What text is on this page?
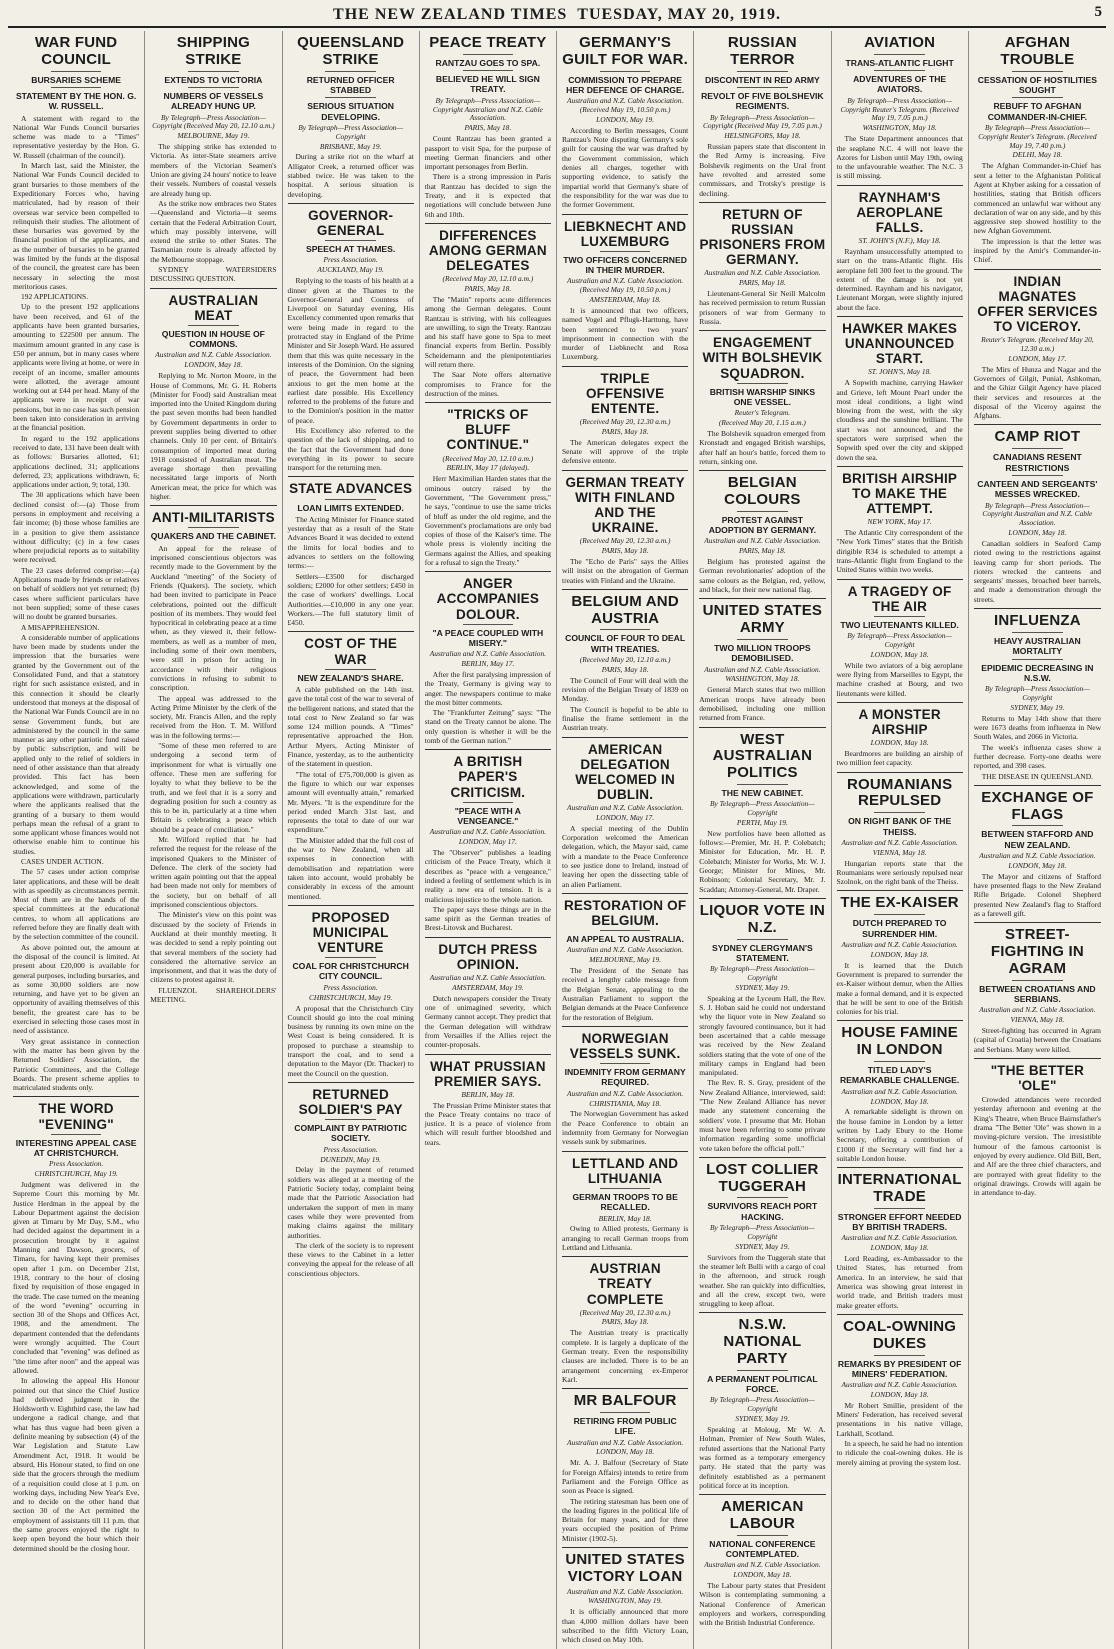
THE NEW ZEALAND TIMES TUESDAY, MAY 20, 1919.	5
WAR FUND COUNCIL
BURSARIES SCHEME
STATEMENT BY THE HON. G. W. RUSSELL.

A statement with regard to the National War Funds Council bursaries scheme was made to a "Times" representative yesterday by the Hon. G. W. Russell (chairman of the council).

In March last, said the Minister, the National War Funds Council decided to grant bursaries to those members of the Expeditionary Forces who, having matriculated, had by reason of their overseas war service been compelled to relinquish their studies. The allotment of these bursaries was governed by the financial position of the applicants, and as the number of bursaries to be granted was limited by the funds at the disposal of the council, the greatest care has been necessary in selecting the most meritorious cases.

192 APPLICATIONS.

Up to the present 192 applications have been received, and 61 of the applicants have been granted bursaries, amounting to £22500 per annum. The maximum amount granted in any case is £50 per annum, but in many cases where applicants were living at home, or were in receipt of an income, smaller amounts were allotted, the average amount working out at £44 per head. Many of the applicants were in receipt of war pensions, but in no case has such pension been taken into consideration in arriving at the financial position.

In regard to the 192 applications received to date, 131 have been dealt with as follows: Bursaries allotted, 61; applications declined, 31; applications deferred, 23; applications withdrawn, 6; applications under action, 9; total, 130.

The 30 applications which have been declined consist of:—(a) Those from persons in employment and receiving a fair income; (b) those whose families are in a position to give them assistance without difficulty; (c) in a few cases where prejudicial reports as to suitability were received.

The 23 cases deferred comprise:—(a) Applications made by friends or relatives on behalf of soldiers not yet returned; (b) cases where sufficient particulars have not been supplied; some of these cases will no doubt be granted bursaries.

A MISAPPREHENSION.

A considerable number of applications have been made by students under the impression that the bursaries were granted by the Government out of the Consolidated Fund, and that a statutory right for such assistance existed, and in this connection it should be clearly understood that moneys at the disposal of the National War Funds Council are in no sense Government funds, but are administered by the council in the same manner as any other patriotic fund raised by public subscription, and will be applied only to the relief of soldiers in need of other assistance than that already provided. This fact has been acknowledged, and some of the applications were withdrawn, particularly where the applicants realised that the granting of a bursary to them would perhaps mean the refusal of a grant to some applicant whose finances would not otherwise enable him to continue his studies.

CASES UNDER ACTION.

The 57 cases under action comprise later applications, and these will be dealt with as speedily as circumstances permit. Most of them are in the hands of the special committees at the educational centres, to whom all applications are referred before they are finally dealt with by the selection committee of the council.

As above pointed out, the amount at the disposal of the council is limited. At present about £20,000 is available for general purposes, including bursaries, and as some 30,000 soldiers are now returning, and have yet to be given an opportunity of availing themselves of this benefit, the greatest care has to be exercised in selecting those cases most in need of assistance.

Very great assistance in connection with the matter has been given by the Returned Soldiers' Association, the Patriotic Committees, and the College Boards. The present scheme applies to matriculated students only.

THE WORD "EVENING"
INTERESTING APPEAL CASE AT CHRISTCHURCH.
Press Association.
CHRISTCHURCH, May 19.

Judgment was delivered in the Supreme Court this morning by Mr. Justice Herdman in the appeal by the Labour Department against the decision given at Timaru by Mr Day, S.M., who had decided against the department in a prosecution brought by it against Manning and Dawson, grocers, of Timaru, for having kept their premises open after 1 p.m. on December 21st, 1918, contrary to the hour of closing fixed by requisition of those engaged in the trade. The case turned on the meaning of the word "evening" occurring in section 30 of the Shops and Offices Act, 1908, and the amendment. The department contended that the defendants were wrongly acquitted. The Court concluded that "evening" was defined as "the time after noon" and the appeal was allowed.

In allowing the appeal His Honour pointed out that since the Chief Justice had delivered judgment in the Holdsworth v. Eighthird case, the law had undergone a radical change, and that what has thus vague had been given a definite meaning by subsection (4) of the War Legislation and Statute Law Amendment Act, 1918. It would be absurd, His Honour stated, to find on one side that the grocers through the medium of a requisition could close at 1 p.m. on working days, including New Year's Eve, and to decide on the other hand that section 30 of the Act permitted the employment of assistants till 11 p.m. that the same grocers enjoyed the right to keep open beyond the hour which their determined should be the closing hour.

SHIPPING STRIKE
EXTENDS TO VICTORIA
NUMBERS OF VESSELS ALREADY HUNG UP.
By Telegraph—Press Association—Copyright (Received May 20, 12.10 a.m.)
MELBOURNE, May 19.

The shipping strike has extended to Victoria. As inter-State steamers arrive members of the Victorian Seamen's Union are giving 24 hours' notice to leave their vessels. Numbers of coastal vessels are already hung up.

As the strike now embraces two States—Queensland and Victoria—it seems certain that the Federal Arbitration Court, which may possibly intervene, will extend the strike to other States. The Tasmanian route is already affected by the Melbourne stoppage.

SYDNEY WATERSIDERS DISCUSSING QUESTION.

AUSTRALIAN MEAT
QUESTION IN HOUSE OF COMMONS.
Australian and N.Z. Cable Association.
LONDON, May 18.

Replying to Mr. Norton Moore, in the House of Commons, Mr. G. H. Roberts (Minister for Food) said Australian meat imported into the United Kingdom during the past seven months had been handled by Government departments in order to prevent supplies being diverted to other channels. Only 10 per cent. of Britain's consumption of imported meat during 1918 consisted of Australian meat. The average shortage then prevailing necessitated large imports of North American meat, the price for which was higher.

ANTI-MILITARISTS
QUAKERS AND THE CABINET.

An appeal for the release of imprisoned conscientious objectors was recently made to the Government by the Auckland "meeting" of the Society of Friends (Quakers). The society, which had been invited to participate in Peace celebrations, pointed out the difficult position of its members. They would feel hypocritical in celebrating peace at a time when, as they viewed it, their fellow-members, as well as a number of men, including some of their own members, were still in prison for acting in accordance with their religious convictions in refusing to submit to conscription.

The appeal was addressed to the Acting Prime Minister by the clerk of the society, Mr. Francis Allen, and the reply received from the Hon. T. M. Wilford was in the following terms:—

"Some of these men referred to are undergoing a second term of imprisonment for what is virtually one offence. These men are suffering for loyalty to what they believe to be the truth, and we feel that it is a sorry and degrading position for such a country as this to be in, particularly at a time when Britain is celebrating a peace which should be a peace of conciliation."

Mr. Wilford replied that he had referred the request for the release of the imprisoned Quakers to the Minister of Defence. The clerk of the society had written again pointing out that the appeal had been made not only for members of the society, but on behalf of all imprisoned conscientious objectors.

The Minister's view on this point was discussed by the society of Friends in Auckland at their monthly meeting. It was decided to send a reply pointing out that several members of the society had considered the alternative service an imprisonment, and that it was the duty of citizens to protest against it.

FLUENZOL SHAREHOLDERS' MEETING.

QUEENSLAND STRIKE
RETURNED OFFICER STABBED
SERIOUS SITUATION DEVELOPING.
By Telegraph—Press Association—Copyright
BRISBANE, May 19.

During a strike riot on the wharf at Alligator Creek, a returned officer was stabbed twice. He was taken to the hospital. A serious situation is developing.

GOVERNOR-GENERAL
SPEECH AT THAMES.
Press Association.
AUCKLAND, May 19.

Replying to the toasts of his health at a dinner given at the Thames to the Governor-General and Countess of Liverpool on Saturday evening, His Excellency commented upon remarks that were being made in regard to the protracted stay in England of the Prime Minister and Sir Joseph Ward. He assured them that this was quite necessary in the interests of the Dominion. On the signing of peace, the Government had been anxious to get the men home at the earliest date possible. His Excellency referred to the problems of the future and to the Dominion's position in the matter of peace.

His Excellency also referred to the question of the lack of shipping, and to the fact that the Government had done everything in its power to secure transport for the returning men.

STATE ADVANCES
LOAN LIMITS EXTENDED.

The Acting Minister for Finance stated yesterday that as a result of the State Advances Board it was decided to extend the limits for local bodies and to advances to settlers on the following terms:—

Settlers—£3500 for discharged soldiers; £2000 for other settlers; £450 in the case of workers' dwellings. Local Authorities.—£10,000 in any one year. Workers.—The full statutory limit of £450.

COST OF THE WAR
NEW ZEALAND'S SHARE.

A cable published on the 14th inst. gave the total cost of the war to several of the belligerent nations, and stated that the total cost to New Zealand so far was some 124 million pounds. A "Times" representative approached the Hon. Arthur Myers, Acting Minister of Finance, yesterday, as to the authenticity of the statement in question.

"The total of £75,700,000 is given as the figure to which our war expenses amount will eventually attain," remarked Mr. Myers. "It is the expenditure for the period ended March 31st last, and represents the total to date of our war expenditure."

The Minister added that the full cost of the war to New Zealand, when all expenses in connection with demobilisation and repatriation were taken into account, would probably be considerably in excess of the amount mentioned.

PROPOSED MUNICIPAL VENTURE
COAL FOR CHRISTCHURCH CITY COUNCIL.
Press Association.
CHRISTCHURCH, May 19.

A proposal that the Christchurch City Council should go into the coal mining business by running its own mine on the West Coast is being considered. It is proposed to purchase a steamship to transport the coal, and to send a deputation to the Mayor (Dr. Thacker) to meet the Council on the question.

RETURNED SOLDIER'S PAY
COMPLAINT BY PATRIOTIC SOCIETY.
Press Association.
DUNEDIN, May 19.

Delay in the payment of returned soldiers was alleged at a meeting of the Patriotic Society today, complaint being made that the Patriotic Association had undertaken the support of men in many cases while they were prevented from making claims against the military authorities.

The clerk of the society is to represent these views to the Cabinet in a letter conveying the appeal for the release of all conscientious objectors.

PEACE TREATY
RANTZAU GOES TO SPA.
BELIEVED HE WILL SIGN TREATY.
By Telegraph—Press Association—Copyright Australian and N.Z. Cable Association.
PARIS, May 18.

Count Rantzau has been granted a passport to visit Spa, for the purpose of meeting German financiers and other important personages from Berlin.

There is a strong impression in Paris that Rantzau has decided to sign the Treaty, and it is expected that negotiations will conclude between June 6th and 10th.

DIFFERENCES AMONG GERMAN DELEGATES
(Received May 20, 12.10 a.m.)
PARIS, May 18.

The "Matin" reports acute differences among the German delegates. Count Rantzau is striving, with his colleagues are unwilling, to sign the Treaty. Rantzau and his staff have gone to Spa to meet financial experts from Berlin. Possibly Scheidemann and the plenipotentiaries will return there.

The Saar Note offers alternative compromises to France for the destruction of the mines.

"TRICKS OF BLUFF CONTINUE."
(Received May 20, 12.10 a.m.)
BERLIN, May 17 (delayed).

Herr Maximilian Harden states that the ominous outcry raised by the Government, "The Government press," he says, "continue to use the same tricks of bluff as under the old regime, and the Government's proclamations are only bad copies of those of the Kaiser's time. The whole press is violently inciting the Germans against the Allies, and speaking for a refusal to sign the Treaty."

ANGER ACCOMPANIES DOLOUR.
"A PEACE COUPLED WITH MISERY."
Australian and N.Z. Cable Association.
BERLIN, May 17.

After the first paralysing impression of the Treaty, Germany is giving way to anger. The newspapers continue to make the most bitter comments.

The "Frankfurter Zeitung" says: "The stand on the Treaty cannot be alone. The only question is whether it will be the tomb of the German nation."

A BRITISH PAPER'S CRITICISM.
"PEACE WITH A VENGEANCE."
Australian and N.Z. Cable Association.
LONDON, May 17.

The "Observer" publishes a leading criticism of the Peace Treaty, which it describes as "peace with a vengeance," indeed a feeling of settlement which is in reality a new era of tension. It is a malicious injustice to the whole nation.

The paper says these things are in the same spirit as the German treaties of Brest-Litovsk and Bucharest.

DUTCH PRESS OPINION.
Australian and N.Z. Cable Association.
AMSTERDAM, May 19.

Dutch newspapers consider the Treaty one of unimagined severity, which Germany cannot accept. They predict that the German delegation will withdraw from Versailles if the Allies reject the counter-proposals.

WHAT PRUSSIAN PREMIER SAYS.
BERLIN, May 18.

The Prussian Prime Minister states that the Peace Treaty contains no trace of justice. It is a peace of violence from which will result further bloodshed and tears.

GERMANY'S GUILT FOR WAR.
COMMISSION TO PREPARE HER DEFENCE OF CHARGE.
Australian and N.Z. Cable Association. (Received May 19, 10.50 p.m.)
LONDON, May 19.

According to Berlin messages, Count Rantzau's Note disputing Germany's sole guilt for causing the war was drafted by the Government commission, which denies all charges, together with supporting evidence, to satisfy the impartial world that Germany's share of the responsibility for the war was due to the former Government.

LIEBKNECHT AND LUXEMBURG
TWO OFFICERS CONCERNED IN THEIR MURDER.
Australian and N.Z. Cable Association. (Received May 19, 10.50 p.m.)
AMSTERDAM, May 18.

It is announced that two officers, named Vogel and Pflugk-Harttung, have been sentenced to two years' imprisonment in connection with the murder of Liebknecht and Rosa Luxemburg.

TRIPLE OFFENSIVE ENTENTE.
(Received May 20, 12.30 a.m.)
PARIS, May 18.

The American delegates expect the Senate will approve of the triple defensive entente.

GERMAN TREATY WITH FINLAND AND THE UKRAINE.
(Received May 20, 12.30 a.m.)
PARIS, May 18.

The "Echo de Paris" says the Allies will insist on the abrogation of German treaties with Finland and the Ukraine.

BELGIUM AND AUSTRIA
COUNCIL OF FOUR TO DEAL WITH TREATIES.
(Received May 20, 12.10 a.m.)
PARIS, May 18.

The Council of Four will deal with the revision of the Belgian Treaty of 1839 on Monday.

The Council is hopeful to be able to finalise the frame settlement in the Austrian treaty.

AMERICAN DELEGATION WELCOMED IN DUBLIN.
Australian and N.Z. Cable Association.
LONDON, May 17.

A special meeting of the Dublin Corporation welcomed the American delegation, which, the Mayor said, came with a mandate to the Peace Conference to see justice done to Ireland, instead of leaving her open the dissecting table of an alien Parliament.

RESTORATION OF BELGIUM.
AN APPEAL TO AUSTRALIA.
Australian and N.Z. Cable Association.
MELBOURNE, May 19.

The President of the Senate has received a lengthy cable message from the Belgian Senate, appealing to the Australian Parliament to support the Belgian demands at the Peace Conference for the restoration of Belgium.

NORWEGIAN VESSELS SUNK.
INDEMNITY FROM GERMANY REQUIRED.
Australian and N.Z. Cable Association.
CHRISTIANIA, May 18.

The Norwegian Government has asked the Peace Conference to obtain an indemnity from Germany for Norwegian vessels sunk by submarines.

LETTLAND AND LITHUANIA
GERMAN TROOPS TO BE RECALLED.
BERLIN, May 18.

Owing to Allied protests, Germany is arranging to recall German troops from Lettland and Lithuania.

AUSTRIAN TREATY COMPLETE
(Received May 20, 12.30 a.m.)
PARIS, May 18.

The Austrian treaty is practically complete. It is largely a duplicate of the German treaty. Even the responsibility clauses are included. There is to be an arrangement concerning ex-Emperor Karl.

MR BALFOUR
RETIRING FROM PUBLIC LIFE.
Australian and N.Z. Cable Association.
LONDON, May 18.

Mr. A. J. Balfour (Secretary of State for Foreign Affairs) intends to retire from Parliament and the Foreign Office as soon as Peace is signed.

The retiring statesman has been one of the leading figures in the political life of Britain for many years, and for three years occupied the position of Prime Minister (1902-5).

UNITED STATES VICTORY LOAN
Australian and N.Z. Cable Association.
WASHINGTON, May 19.

It is officially announced that more than 4,000 million dollars have been subscribed to the fifth Victory Loan, which closed on May 10th.

RUSSIAN TERROR
DISCONTENT IN RED ARMY
REVOLT OF FIVE BOLSHEVIK REGIMENTS.
By Telegraph—Press Association—Copyright (Received May 19, 7.05 p.m.)
HELSINGFORS, May 18.

Russian papers state that discontent in the Red Army is increasing. Five Bolshevik regiments on the Ural front have revolted and arrested some commissars, and Trotsky's prestige is declining.

RETURN OF RUSSIAN PRISONERS FROM GERMANY.
Australian and N.Z. Cable Association.
PARIS, May 18.

Lieutenant-General Sir Neill Malcolm has received permission to return Russian prisoners of war from Germany to Russia.

ENGAGEMENT WITH BOLSHEVIK SQUADRON.
BRITISH WARSHIP SINKS ONE VESSEL.
Reuter's Telegram.
(Received May 20, 1.15 a.m.)

The Bolshevik squadron emerged from Kronstadt and engaged British warships, after half an hour's battle, forced them to return, sinking one.

BELGIAN COLOURS
PROTEST AGAINST ADOPTION BY GERMANY.
Australian and N.Z. Cable Association.
PARIS, May 18.

Belgium has protested against the German revolutionaries' adoption of the same colours as the Belgian, red, yellow, and black, for their new national flag.

UNITED STATES ARMY
TWO MILLION TROOPS DEMOBILISED.
Australian and N.Z. Cable Association.
WASHINGTON, May 18.

General March states that two million American troops have already been demobilised, including one million returned from France.

WEST AUSTRALIAN POLITICS
THE NEW CABINET.
By Telegraph—Press Association—Copyright
PERTH, May 19.

New portfolios have been allotted as follows:—Premier, Mr. H. P. Colebatch; Minister for Education, Mr. H. P. Colebatch; Minister for Works, Mr. W. J. George; Minister for Mines, Mr. Robinson; Colonial Secretary, Mr. J. Scaddan; Attorney-General, Mr. Draper.

LIQUOR VOTE IN N.Z.
SYDNEY CLERGYMAN'S STATEMENT.
By Telegraph—Press Association—Copyright
SYDNEY, May 19.

Speaking at the Lyceum Hall, the Rev. S. J. Hoban said he could not understand why the liquor vote in New Zealand so strongly favoured continuance, but it had been ascertained that a cable message was received by the New Zealand soldiers stating that the vote of one of the military camps in England had been manipulated.

The Rev. R. S. Gray, president of the New Zealand Alliance, interviewed, said: "The New Zealand Alliance has never made any statement concerning the soldiers' vote. I presume that Mr. Hoban must have been referring to some private information regarding some unofficial vote taken before the official poll."

LOST COLLIER TUGGERAH
SURVIVORS REACH PORT HACKING.
By Telegraph—Press Association—Copyright
SYDNEY, May 19.

Survivors from the Tuggerah state that the steamer left Bulli with a cargo of coal in the afternoon, and struck rough weather. She ran quickly into difficulties, and all the crew, except two, were struggling to keep afloat.

N.S.W. NATIONAL PARTY
A PERMANENT POLITICAL FORCE.
By Telegraph—Press Association—Copyright
SYDNEY, May 19.

Speaking at Moloug, Mr W. A. Holman, Premier of New South Wales, refuted assertions that the National Party was formed as a temporary emergency party. He stated that the party was definitely established as a permanent political force at its inception.

AMERICAN LABOUR
NATIONAL CONFERENCE CONTEMPLATED.
Australian and N.Z. Cable Association.
LONDON, May 18.

The Labour party states that President Wilson is contemplating summoning a National Conference of American employers and workers, corresponding with the British Industrial Conference.

AVIATION
TRANS-ATLANTIC FLIGHT
ADVENTURES OF THE AVIATORS.
By Telegraph—Press Association—Copyright Reuter's Telegram. (Received May 19, 7.05 p.m.)
WASHINGTON, May 18.

The State Department announces that the seaplane N.C. 4 will not leave the Azores for Lisbon until May 19th, owing to the unfavourable weather. The N.C. 3 is still missing.

RAYNHAM'S AEROPLANE FALLS.
ST. JOHN'S (N.F.), May 18.

Raynham unsuccessfully attempted to start on the trans-Atlantic flight. His aeroplane fell 300 feet to the ground. The extent of the damage is not yet determined. Raynham and his navigator, Lieutenant Morgan, were slightly injured about the face.

HAWKER MAKES UNANNOUNCED START.
ST. JOHN'S, May 18.

A Sopwith machine, carrying Hawker and Grieve, left Mount Pearl under the most ideal conditions, a light wind blowing from the west, with the sky cloudless and the sunshine brilliant. The start was not announced, and the spectators were surprised when the Sopwith sped over the city and skipped down the sea.

BRITISH AIRSHIP TO MAKE THE ATTEMPT.
NEW YORK, May 17.

The Atlantic City correspondent of the "New York Times" states that the British dirigible R34 is scheduled to attempt a trans-Atlantic flight from England to the United States within two weeks.

A TRAGEDY OF THE AIR
TWO LIEUTENANTS KILLED.
By Telegraph—Press Association—Copyright
LONDON, May 18.

While two aviators of a big aeroplane were flying from Marseilles to Egypt, the machine crashed at Bourg, and two lieutenants were killed.

A MONSTER AIRSHIP
LONDON, May 18.

Beardmores are building an airship of two million feet capacity.

ROUMANIANS REPULSED
ON RIGHT BANK OF THE THEISS.
Australian and N.Z. Cable Association.
VIENNA, May 18.

Hungarian reports state that the Roumanians were seriously repulsed near Szolnok, on the right bank of the Theiss.

THE EX-KAISER
DUTCH PREPARED TO SURRENDER HIM.
Australian and N.Z. Cable Association.
LONDON, May 18.

It is learned that the Dutch Government is prepared to surrender the ex-Kaiser without demur, when the Allies make a formal demand, and it is expected that he will be sent to one of the British colonies for his trial.

HOUSE FAMINE IN LONDON
TITLED LADY'S REMARKABLE CHALLENGE.
Australian and N.Z. Cable Association.
LONDON, May 18.

A remarkable sidelight is thrown on the house famine in London by a letter written by Lady Ebury to the Home Secretary, offering a contribution of £1000 if the Secretary will find her a suitable London house.

INTERNATIONAL TRADE
STRONGER EFFORT NEEDED BY BRITISH TRADERS.
Australian and N.Z. Cable Association.
LONDON, May 18.

Lord Reading, ex-Ambassador to the United States, has returned from America. In an interview, he said that America was showing great interest in world trade, and British traders must make greater efforts.

COAL-OWNING DUKES
REMARKS BY PRESIDENT OF MINERS' FEDERATION.
Australian and N.Z. Cable Association.
LONDON, May 18.

Mr Robert Smillie, president of the Miners' Federation, has received several presentations in his native village, Larkhall, Scotland.

In a speech, he said he had no intention to ridicule the coal-owning dukes. He is merely aiming at proving the system lost.

AFGHAN TROUBLE
CESSATION OF HOSTILITIES SOUGHT
REBUFF TO AFGHAN COMMANDER-IN-CHIEF.
By Telegraph—Press Association—Copyright Reuter's Telegram. (Received May 19, 7.40 p.m.)
DELHI, May 18.

The Afghan Commander-in-Chief has sent a letter to the Afghanistan Political Agent at Khyber asking for a cessation of hostilities, stating that British officers commenced an unlawful war without any declaration of war on any side, and by this aggressive step showed hostility to the new Afghan Government.

The impression is that the letter was inspired by the Amir's Commander-in-Chief.

INDIAN MAGNATES OFFER SERVICES TO VICEROY.
Reuter's Telegram. (Received May 20, 12.30 a.m.)
LONDON, May 17.

The Mirs of Hunza and Nagar and the Governors of Gilgit, Punial, Ashkoman, and the Ghizr Gilgit Agency have placed their services and resources at the disposal of the Viceroy against the Afghans.

CAMP RIOT
CANADIANS RESENT RESTRICTIONS
CANTEEN AND SERGEANTS' MESSES WRECKED.
By Telegraph—Press Association—Copyright Australian and N.Z. Cable Association.
LONDON, May 18.

Canadian soldiers in Seaford Camp rioted owing to the restrictions against leaving camp for short periods. The rioters wrecked the canteens and sergeants' messes, broached beer barrels, and made a demonstration through the streets.

INFLUENZA
HEAVY AUSTRALIAN MORTALITY
EPIDEMIC DECREASING IN N.S.W.
By Telegraph—Press Association—Copyright
SYDNEY, May 19.

Returns to May 14th show that there were 1673 deaths from influenza in New South Wales, and 2066 in Victoria.

The week's influenza cases show a further decrease. Forty-one deaths were reported, and 398 cases.

THE DISEASE IN QUEENSLAND.

EXCHANGE OF FLAGS
BETWEEN STAFFORD AND NEW ZEALAND.
Australian and N.Z. Cable Association.
LONDON, May 18.

The Mayor and citizens of Stafford have presented flags to the New Zealand Rifle Brigade. Colonel Shepherd presented New Zealand's flag to Stafford as a farewell gift.

STREET-FIGHTING IN AGRAM
BETWEEN CROATIANS AND SERBIANS.
Australian and N.Z. Cable Association.
VIENNA, May 18.

Street-fighting has occurred in Agram (capital of Croatia) between the Croatians and Serbians. Many were killed.

"THE BETTER 'OLE"

Crowded attendances were recorded yesterday afternoon and evening at the King's Theatre, when Bruce Bairnsfather's drama "The Better 'Ole" was shown in a moving-picture version. The irresistible humour of the famous cartoonist is enjoyed by every audience. Old Bill, Bert, and Alf are the three chief characters, and are portrayed with great fidelity to the original drawings. Crowds will again be in attendance to-day.
